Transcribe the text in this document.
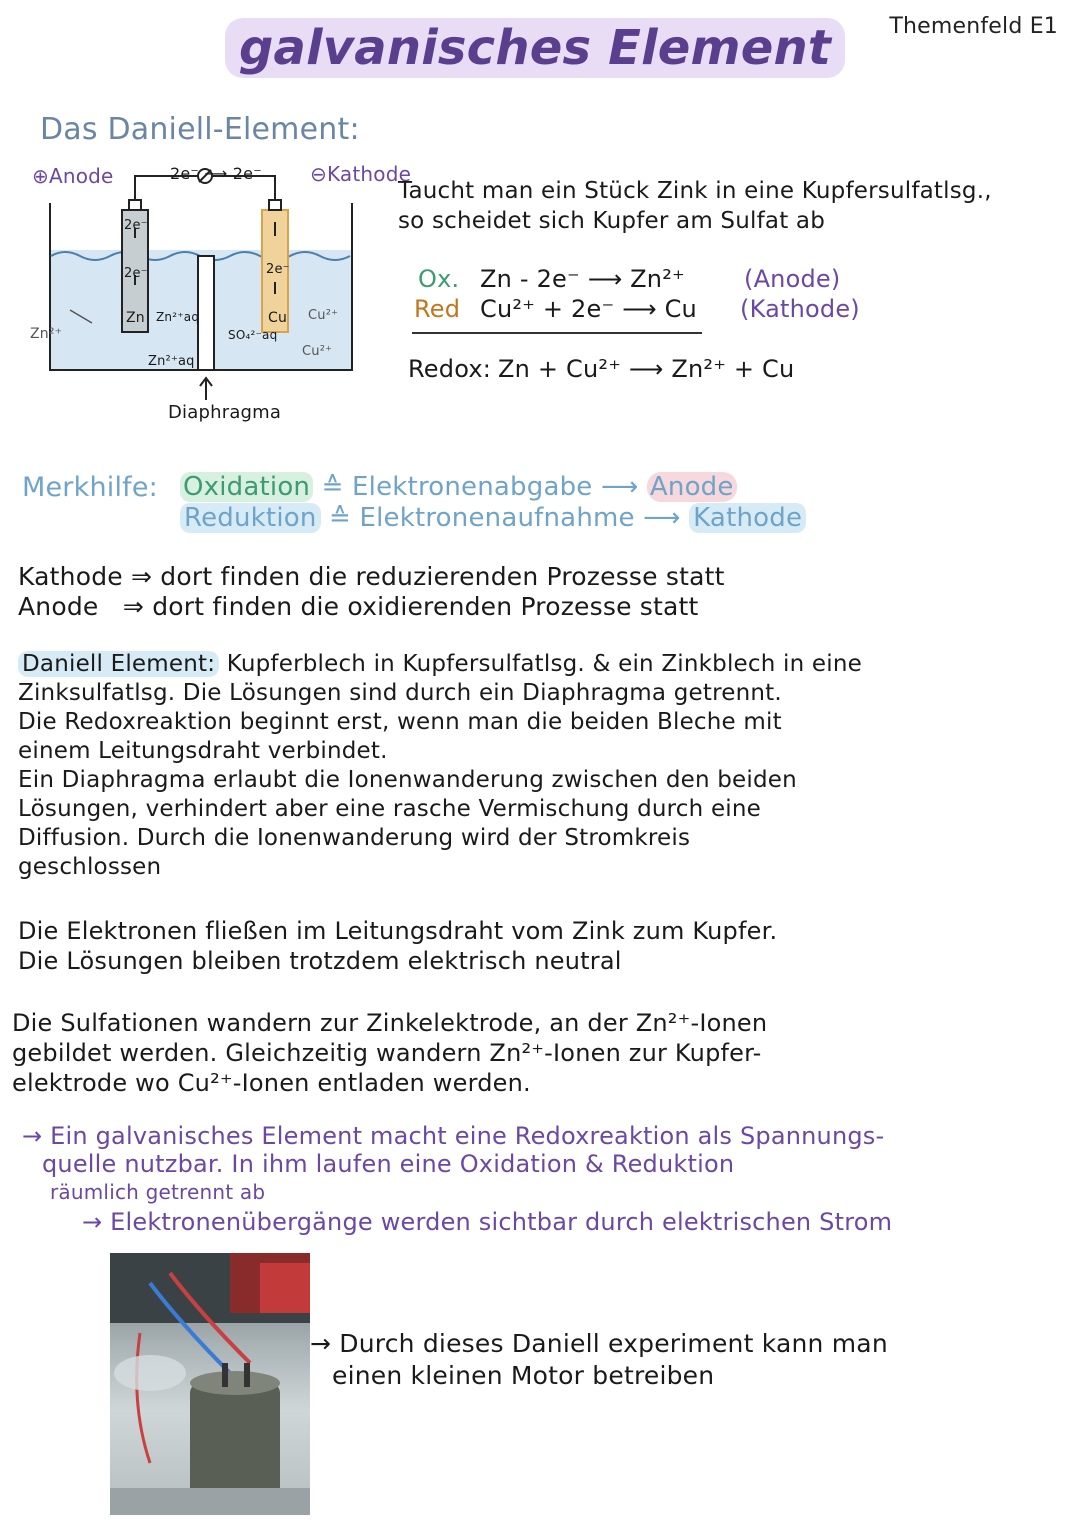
galvanisches Element	Themenfeld E1
Das Daniell-Element:
⊕Anode	2e⁻ ⟶ 2e⁻ ⊖Kathode
2e⁻
2e⁻
Zn Zn²⁺aq
Zn²⁺
Zn²⁺aq
SO₄²⁻aq
2e⁻
Cu Cu²⁺
Cu²⁺
Diaphragma
Taucht man ein Stück Zink in eine Kupfersulfatlsg.,
so scheidet sich Kupfer am Sulfat ab
Ox. Zn - 2e⁻ ⟶ Zn²⁺ (Anode)
Red Cu²⁺ + 2e⁻ ⟶ Cu (Kathode)
Redox: Zn + Cu²⁺ ⟶ Zn²⁺ + Cu
Merkhilfe: Oxidation ≙ Elektronenabgabe ⟶ Anode
Reduktion ≙ Elektronenaufnahme ⟶ Kathode
Kathode ⇒ dort finden die reduzierenden Prozesse statt
Anode   ⇒ dort finden die oxidierenden Prozesse statt
Daniell Element: Kupferblech in Kupfersulfatlsg. & ein Zinkblech in eine
Zinksulfatlsg. Die Lösungen sind durch ein Diaphragma getrennt.
Die Redoxreaktion beginnt erst, wenn man die beiden Bleche mit
einem Leitungsdraht verbindet.
Ein Diaphragma erlaubt die Ionenwanderung zwischen den beiden
Lösungen, verhindert aber eine rasche Vermischung durch eine
Diffusion. Durch die Ionenwanderung wird der Stromkreis
geschlossen
Die Elektronen fließen im Leitungsdraht vom Zink zum Kupfer.
Die Lösungen bleiben trotzdem elektrisch neutral
Die Sulfationen wandern zur Zinkelektrode, an der Zn²⁺-Ionen
gebildet werden. Gleichzeitig wandern Zn²⁺-Ionen zur Kupfer-
elektrode wo Cu²⁺-Ionen entladen werden.
→ Ein galvanisches Element macht eine Redoxreaktion als Spannungs-
quelle nutzbar. In ihm laufen eine Oxidation & Reduktion
räumlich getrennt ab
→ Elektronenübergänge werden sichtbar durch elektrischen Strom
→ Durch dieses Daniell experiment kann man
einen kleinen Motor betreiben
